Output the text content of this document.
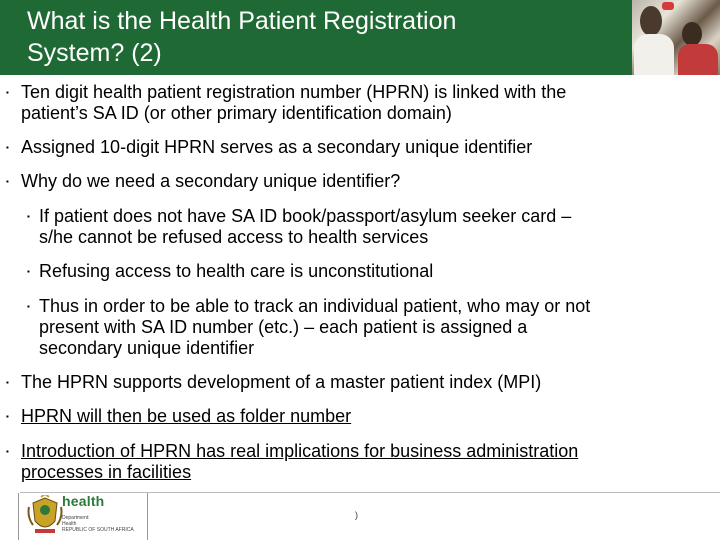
What is the Health Patient Registration
System? (2)
▪ Ten digit health patient registration number (HPRN) is linked with the
patient’s SA ID (or other primary identification domain)
▪ Assigned 10-digit HPRN serves as a secondary unique identifier
▪ Why do we need a secondary unique identifier?
▪ If patient does not have SA ID book/passport/asylum seeker card –
s/he cannot be refused access to health services
▪ Refusing access to health care is unconstitutional
▪ Thus in order to be able to track an individual patient, who may or not
present with SA ID number (etc.) – each patient is assigned a
secondary unique identifier
▪ The HPRN supports development of a master patient index (MPI)
▪ HPRN will then be used as folder number
▪ Introduction of HPRN has real implications for business administration
processes in facilities
health
Department:
Health
REPUBLIC OF SOUTH AFRICA
)
